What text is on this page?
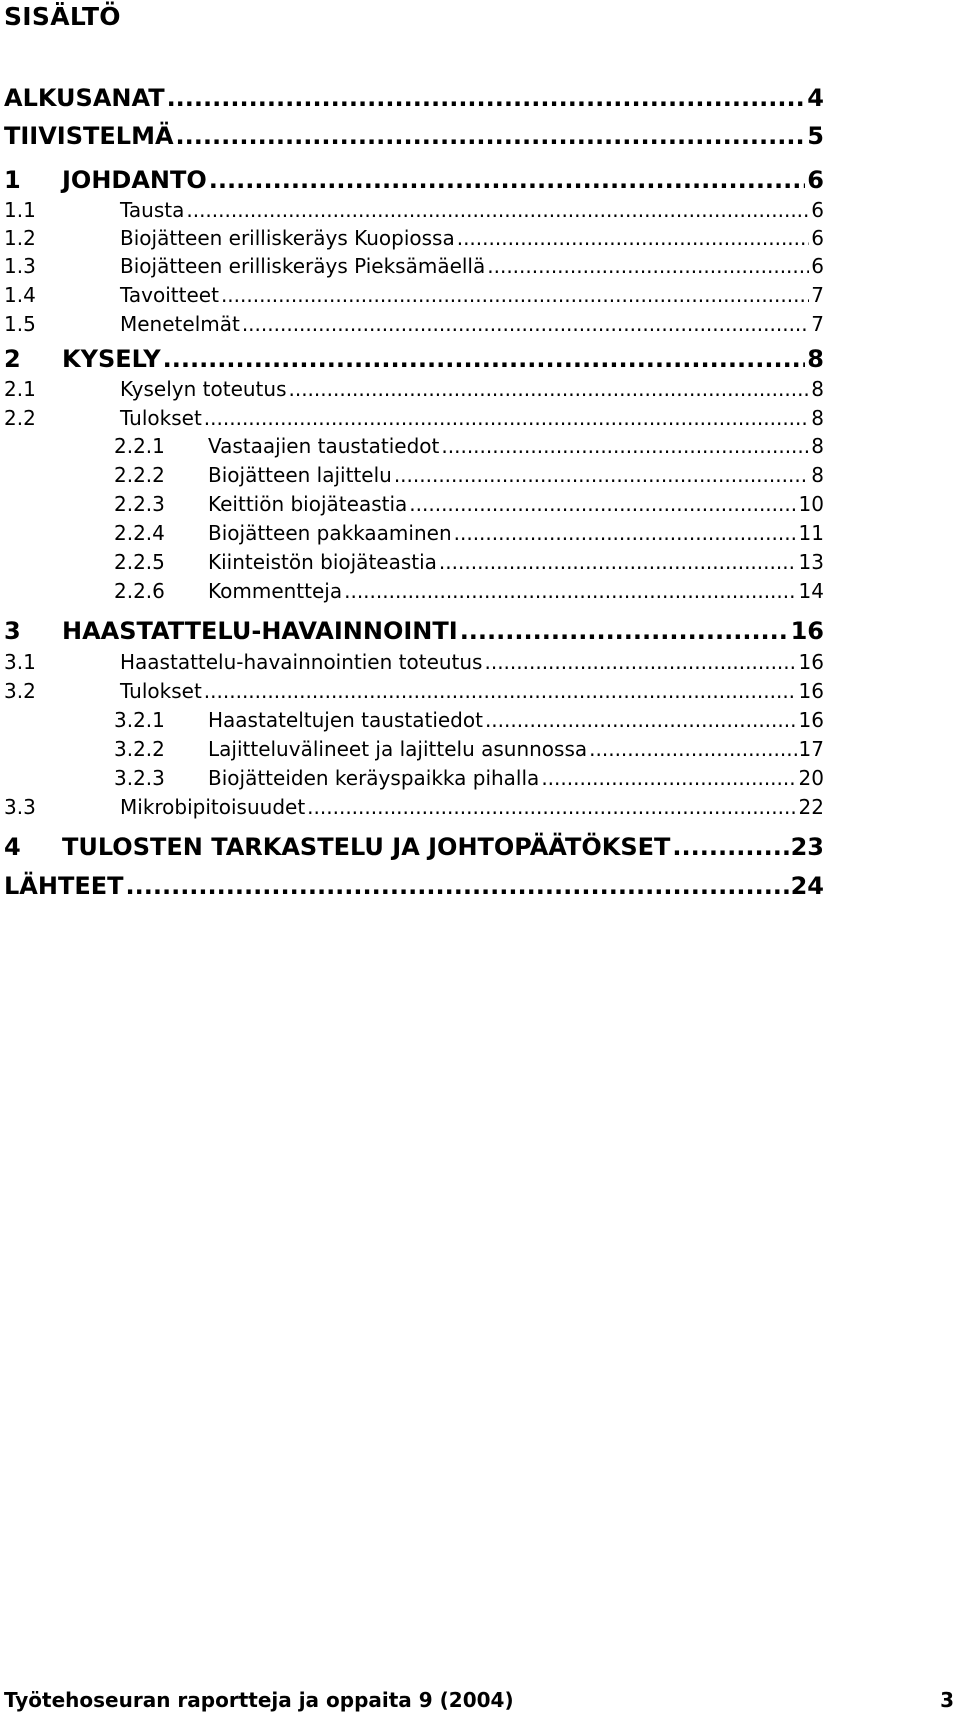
SISÄLTÖ
ALKUSANAT .....	4
TIIVISTELMÄ .....	5
1	JOHDANTO .....	6
1.1	Tausta .....	6
1.2	Biojätteen erilliskeräys Kuopiossa .....	6
1.3	Biojätteen erilliskeräys Pieksämäellä .....	6
1.4	Tavoitteet .....	7
1.5	Menetelmät .....	7
2	KYSELY .....	8
2.1	Kyselyn toteutus .....	8
2.2	Tulokset .....	8
2.2.1	Vastaajien taustatiedot .....	8
2.2.2	Biojätteen lajittelu .....	8
2.2.3	Keittiön biojäteastia .....	10
2.2.4	Biojätteen pakkaaminen .....	11
2.2.5	Kiinteistön biojäteastia .....	13
2.2.6	Kommentteja .....	14
3	HAASTATTELU-HAVAINNOINTI .....	16
3.1	Haastattelu-havainnointien toteutus .....	16
3.2	Tulokset .....	16
3.2.1	Haastateltujen taustatiedot .....	16
3.2.2	Lajitteluvälineet ja lajittelu asunnossa .....	17
3.2.3	Biojätteiden keräyspaikka pihalla .....	20
3.3	Mikrobipitoisuudet .....	22
4	TULOSTEN TARKASTELU JA JOHTOPÄÄTÖKSET .....	23
LÄHTEET .....	24
Työtehoseuran raportteja ja oppaita 9 (2004)	3
